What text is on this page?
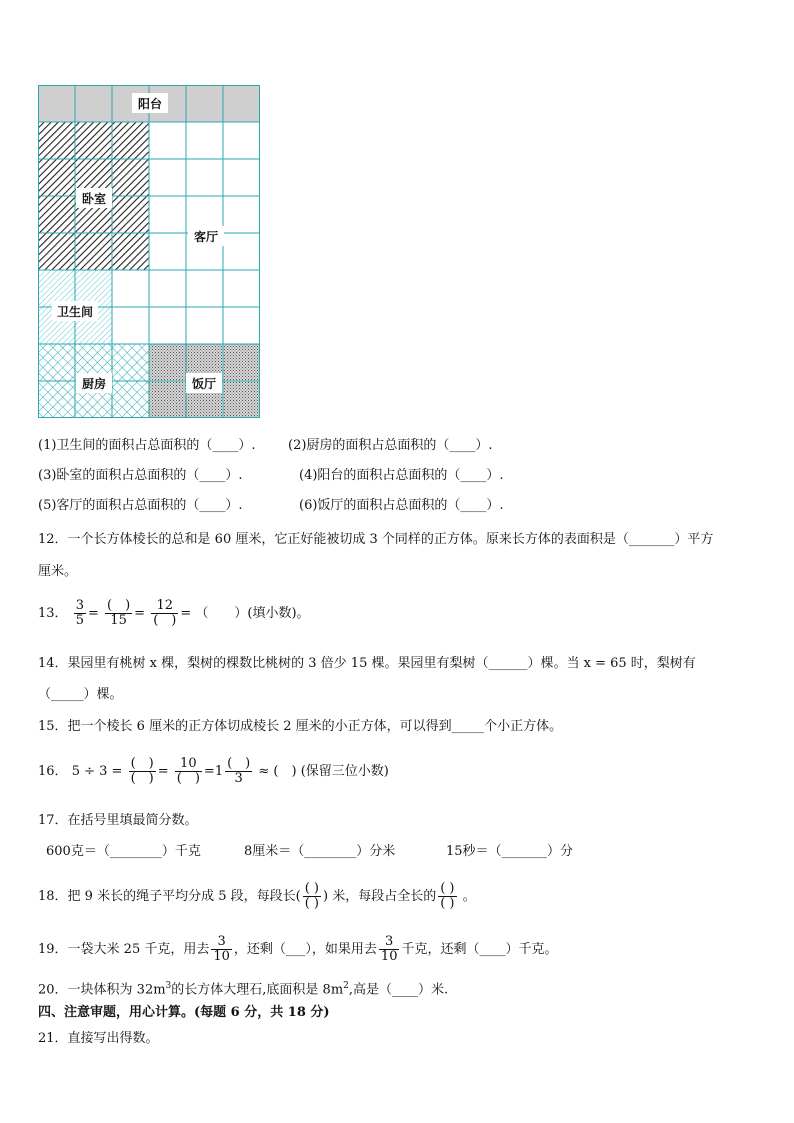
阳台
卧室
客厅
卫生间
厨房	饭厅
(1)卫生间的面积占总面积的（____）. (2)厨房的面积占总面积的（____）.
(3)卧室的面积占总面积的（____）.	(4)阳台的面积占总面积的（____）.
(5)客厅的面积占总面积的（____）.	(6)饭厅的面积占总面积的（____）.
12．一个长方体棱长的总和是 60 厘米，它正好能被切成 3 个同样的正方体。原来长方体的表面积是（_______）平方
厘米。
13． $\frac{3}{5} = \frac{( )}{15} = \frac{12}{( )}$ = （　　）(填小数)。
14．果园里有桃树 x 棵，梨树的棵数比桃树的 3 倍少 15 棵。果园里有梨树（______）棵。当 x = 65 时，梨树有
（_____）棵。
15．把一个棱长 6 厘米的正方体切成棱长 2 厘米的小正方体，可以得到_____个小正方体。
16． $5 \div 3 = \frac{( )}{( )} = \frac{10}{( )} =1 \frac{( )}{3}$ ≈ (　) (保留三位小数)
17．在括号里填最简分数。
600克＝（________）千克	8厘米＝（________）分米	15秒＝（_______）分
18．把 9 米长的绳子平均分成 5 段，每段长( $\frac{( )}{( )}$ ) 米，每段占全长的 $\frac{( )}{( )}$ 。
19．一袋大米 25 千克，用去 $\frac{3}{10}$ ，还剩（___），如果用去 $\frac{3}{10}$ 千克，还剩（____）千克。
20．一块体积为 $32m^3$的长方体大理石,底面积是 $8m^2$,高是（____）米.
四、注意审题，用心计算。(每题 6 分，共 18 分)
21．直接写出得数。
